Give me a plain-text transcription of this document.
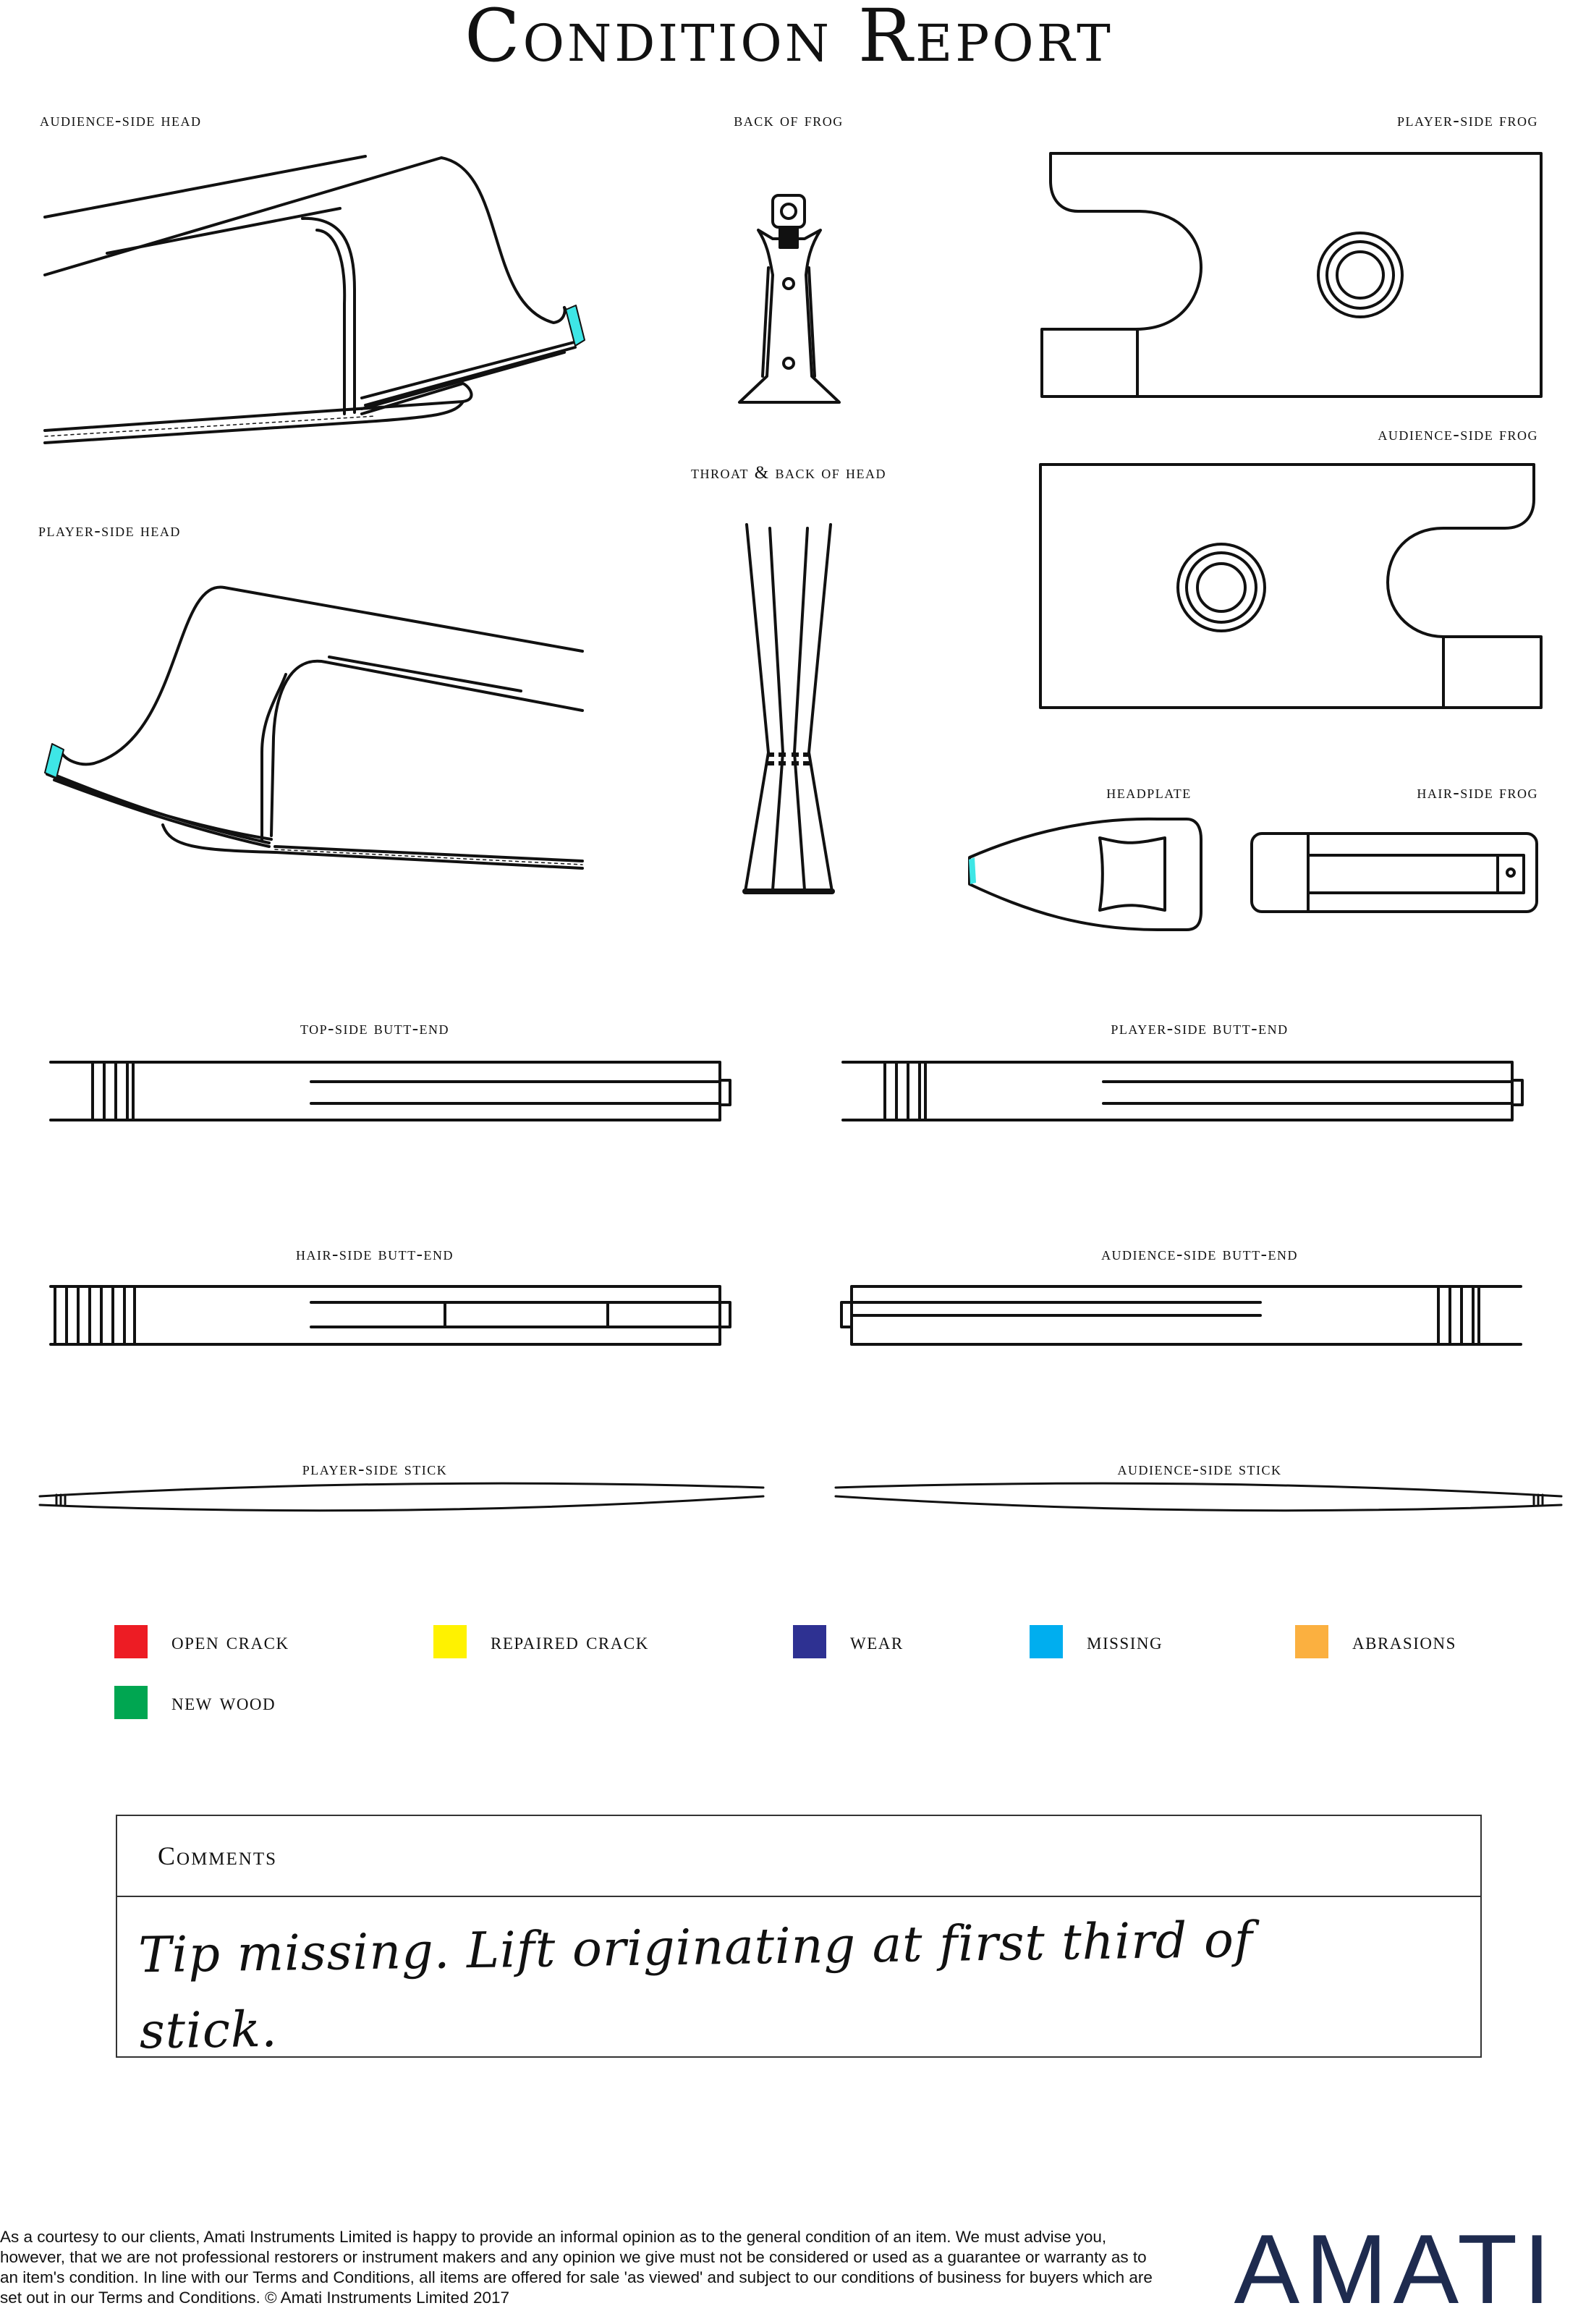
Condition Report
audience-side head	back of frog	player-side frog
audience-side frog
throat & back of head
player-side head
headplate	hair-side frog
top-side butt-end	player-side butt-end
hair-side butt-end	audience-side butt-end
player-side stick	audience-side stick
open crack	repaired crack	wear	missing	abrasions
new wood
Comments
Tip missing. Lift originating at first third of
stick.
As a courtesy to our clients, Amati Instruments Limited is happy to provide an informal opinion as to the general condition of an item. We must advise you, however, that we are not professional restorers or instrument makers and any opinion we give must not be considered or used as a guarantee or warranty as to an item's condition. In line with our Terms and Conditions, all items are offered for sale 'as viewed' and subject to our conditions of business for buyers which are set out in our Terms and Conditions. © Amati Instruments Limited 2017	AMATI
